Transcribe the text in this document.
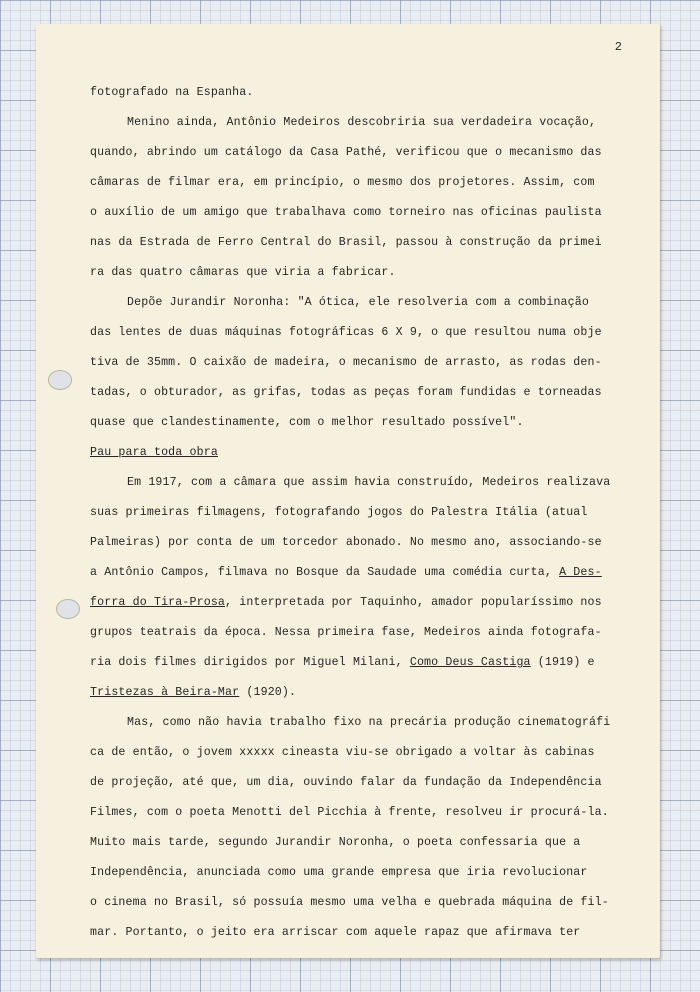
2
fotografado na Espanha.
Menino ainda, Antônio Medeiros descobriria sua verdadeira vocação,
quando, abrindo um catálogo da Casa Pathé, verificou que o mecanismo das
câmaras de filmar era, em princípio, o mesmo dos projetores. Assim, com
o auxílio de um amigo que trabalhava como torneiro nas oficinas paulista
nas da Estrada de Ferro Central do Brasil, passou à construção da primei
ra das quatro câmaras que viria a fabricar.
Depõe Jurandir Noronha: "A ótica, ele resolveria com a combinação
das lentes de duas máquinas fotográficas 6 X 9, o que resultou numa obje
tiva de 35mm. O caixão de madeira, o mecanismo de arrasto, as rodas den-
tadas, o obturador, as grifas, todas as peças foram fundidas e torneadas
quase que clandestinamente, com o melhor resultado possível".
Pau para toda obra
Em 1917, com a câmara que assim havia construído, Medeiros realizava
suas primeiras filmagens, fotografando jogos do Palestra Itália (atual
Palmeiras) por conta de um torcedor abonado. No mesmo ano, associando-se
a Antônio Campos, filmava no Bosque da Saudade uma comédia curta, A Des-
forra do Tira-Prosa, interpretada por Taquinho, amador popularíssimo nos
grupos teatrais da época. Nessa primeira fase, Medeiros ainda fotografa-
ria dois filmes dirigidos por Miguel Milani, Como Deus Castiga (1919) e
Tristezas à Beira-Mar (1920).
Mas, como não havia trabalho fixo na precária produção cinematográfi
ca de então, o jovem xxxxx cineasta viu-se obrigado a voltar às cabinas
de projeção, até que, um dia, ouvindo falar da fundação da Independência
Filmes, com o poeta Menotti del Picchia à frente, resolveu ir procurá-la.
Muito mais tarde, segundo Jurandir Noronha, o poeta confessaria que a
Independência, anunciada como uma grande empresa que iria revolucionar
o cinema no Brasil, só possuía mesmo uma velha e quebrada máquina de fil-
mar. Portanto, o jeito era arriscar com aquele rapaz que afirmava ter
